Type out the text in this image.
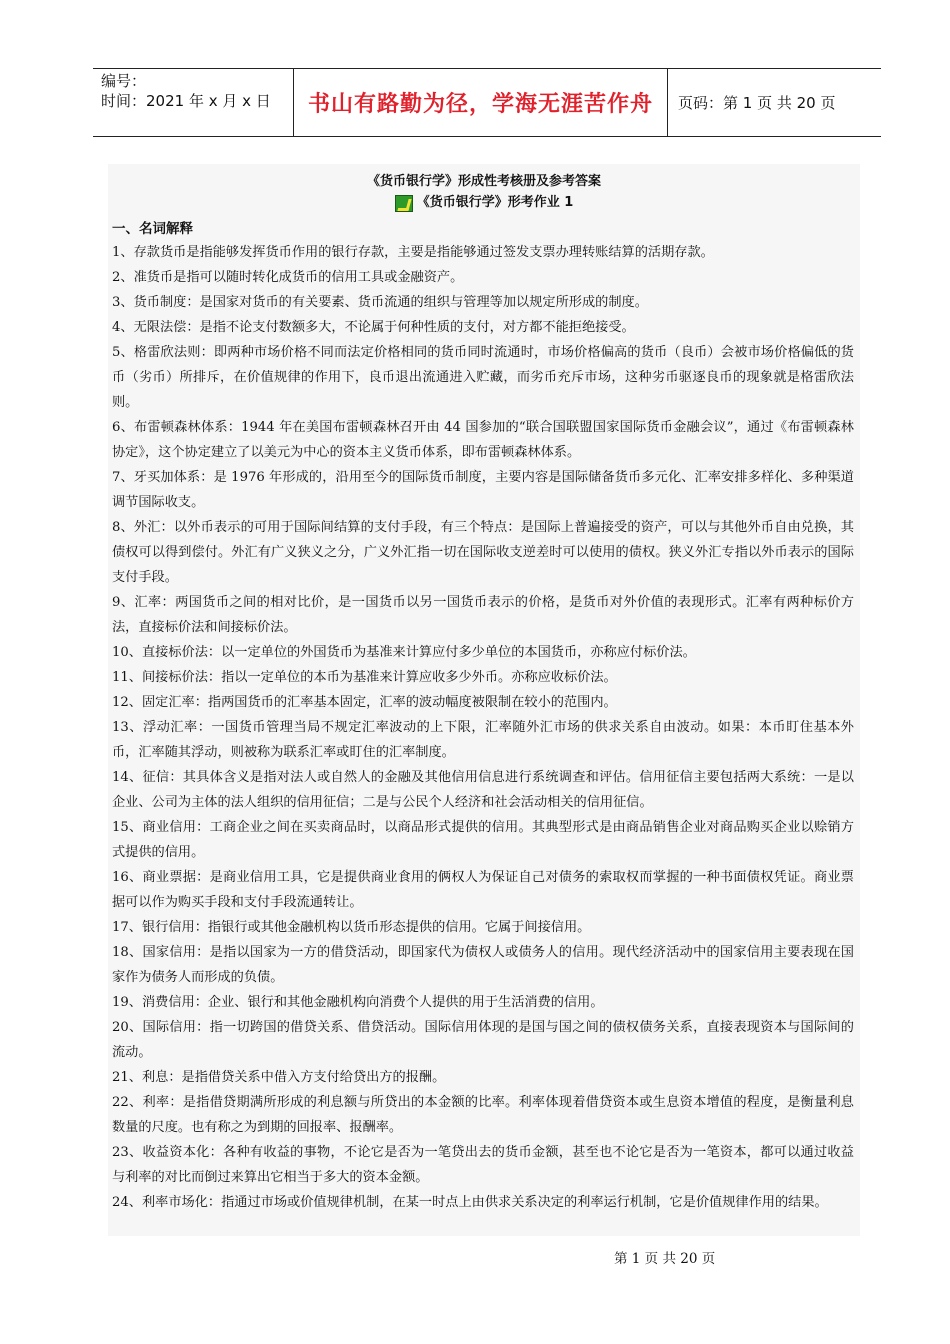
编号：
时间：2021 年 x 月 x 日	书山有路勤为径，学海无涯苦作舟	页码：第 1 页 共 20 页
《货币银行学》形成性考核册及参考答案
《货币银行学》形考作业 1
一、名词解释

1、存款货币是指能够发挥货币作用的银行存款，主要是指能够通过签发支票办理转账结算的活期存款。

2、准货币是指可以随时转化成货币的信用工具或金融资产。

3、货币制度：是国家对货币的有关要素、货币流通的组织与管理等加以规定所形成的制度。

4、无限法偿：是指不论支付数额多大，不论属于何种性质的支付，对方都不能拒绝接受。

5、格雷欣法则：即两种市场价格不同而法定价格相同的货币同时流通时，市场价格偏高的货币（良币）会被市场价格偏低的货币（劣币）所排斥，在价值规律的作用下，良币退出流通进入贮藏，而劣币充斥市场，这种劣币驱逐良币的现象就是格雷欣法则。

6、布雷顿森林体系：1944 年在美国布雷顿森林召开由 44 国参加的“联合国联盟国家国际货币金融会议”，通过《布雷顿森林协定》，这个协定建立了以美元为中心的资本主义货币体系，即布雷顿森林体系。

7、牙买加体系：是 1976 年形成的，沿用至今的国际货币制度，主要内容是国际储备货币多元化、汇率安排多样化、多种渠道调节国际收支。

8、外汇：以外币表示的可用于国际间结算的支付手段，有三个特点：是国际上普遍接受的资产，可以与其他外币自由兑换，其债权可以得到偿付。外汇有广义狭义之分，广义外汇指一切在国际收支逆差时可以使用的债权。狭义外汇专指以外币表示的国际支付手段。

9、汇率：两国货币之间的相对比价，是一国货币以另一国货币表示的价格，是货币对外价值的表现形式。汇率有两种标价方法，直接标价法和间接标价法。

10、直接标价法：以一定单位的外国货币为基准来计算应付多少单位的本国货币，亦称应付标价法。

11、间接标价法：指以一定单位的本币为基准来计算应收多少外币。亦称应收标价法。

12、固定汇率：指两国货币的汇率基本固定，汇率的波动幅度被限制在较小的范围内。

13、浮动汇率：一国货币管理当局不规定汇率波动的上下限，汇率随外汇市场的供求关系自由波动。如果：本币盯住基本外币，汇率随其浮动，则被称为联系汇率或盯住的汇率制度。

14、征信：其具体含义是指对法人或自然人的金融及其他信用信息进行系统调查和评估。信用征信主要包括两大系统：一是以企业、公司为主体的法人组织的信用征信；二是与公民个人经济和社会活动相关的信用征信。

15、商业信用：工商企业之间在买卖商品时，以商品形式提供的信用。其典型形式是由商品销售企业对商品购买企业以赊销方式提供的信用。

16、商业票据：是商业信用工具，它是提供商业食用的俩权人为保证自己对债务的索取权而掌握的一种书面债权凭证。商业票据可以作为购买手段和支付手段流通转让。

17、银行信用：指银行或其他金融机构以货币形态提供的信用。它属于间接信用。

18、国家信用：是指以国家为一方的借贷活动，即国家代为债权人或债务人的信用。现代经济活动中的国家信用主要表现在国家作为债务人而形成的负债。

19、消费信用：企业、银行和其他金融机构向消费个人提供的用于生活消费的信用。

20、国际信用：指一切跨国的借贷关系、借贷活动。国际信用体现的是国与国之间的债权债务关系，直接表现资本与国际间的流动。

21、利息：是指借贷关系中借入方支付给贷出方的报酬。

22、利率：是指借贷期满所形成的利息额与所贷出的本金额的比率。利率体现着借贷资本或生息资本增值的程度，是衡量利息数量的尺度。也有称之为到期的回报率、报酬率。

23、收益资本化：各种有收益的事物，不论它是否为一笔贷出去的货币金额，甚至也不论它是否为一笔资本，都可以通过收益与利率的对比而倒过来算出它相当于多大的资本金额。

24、利率市场化：指通过市场或价值规律机制，在某一时点上由供求关系决定的利率运行机制，它是价值规律作用的结果。

第 1 页 共 20 页
